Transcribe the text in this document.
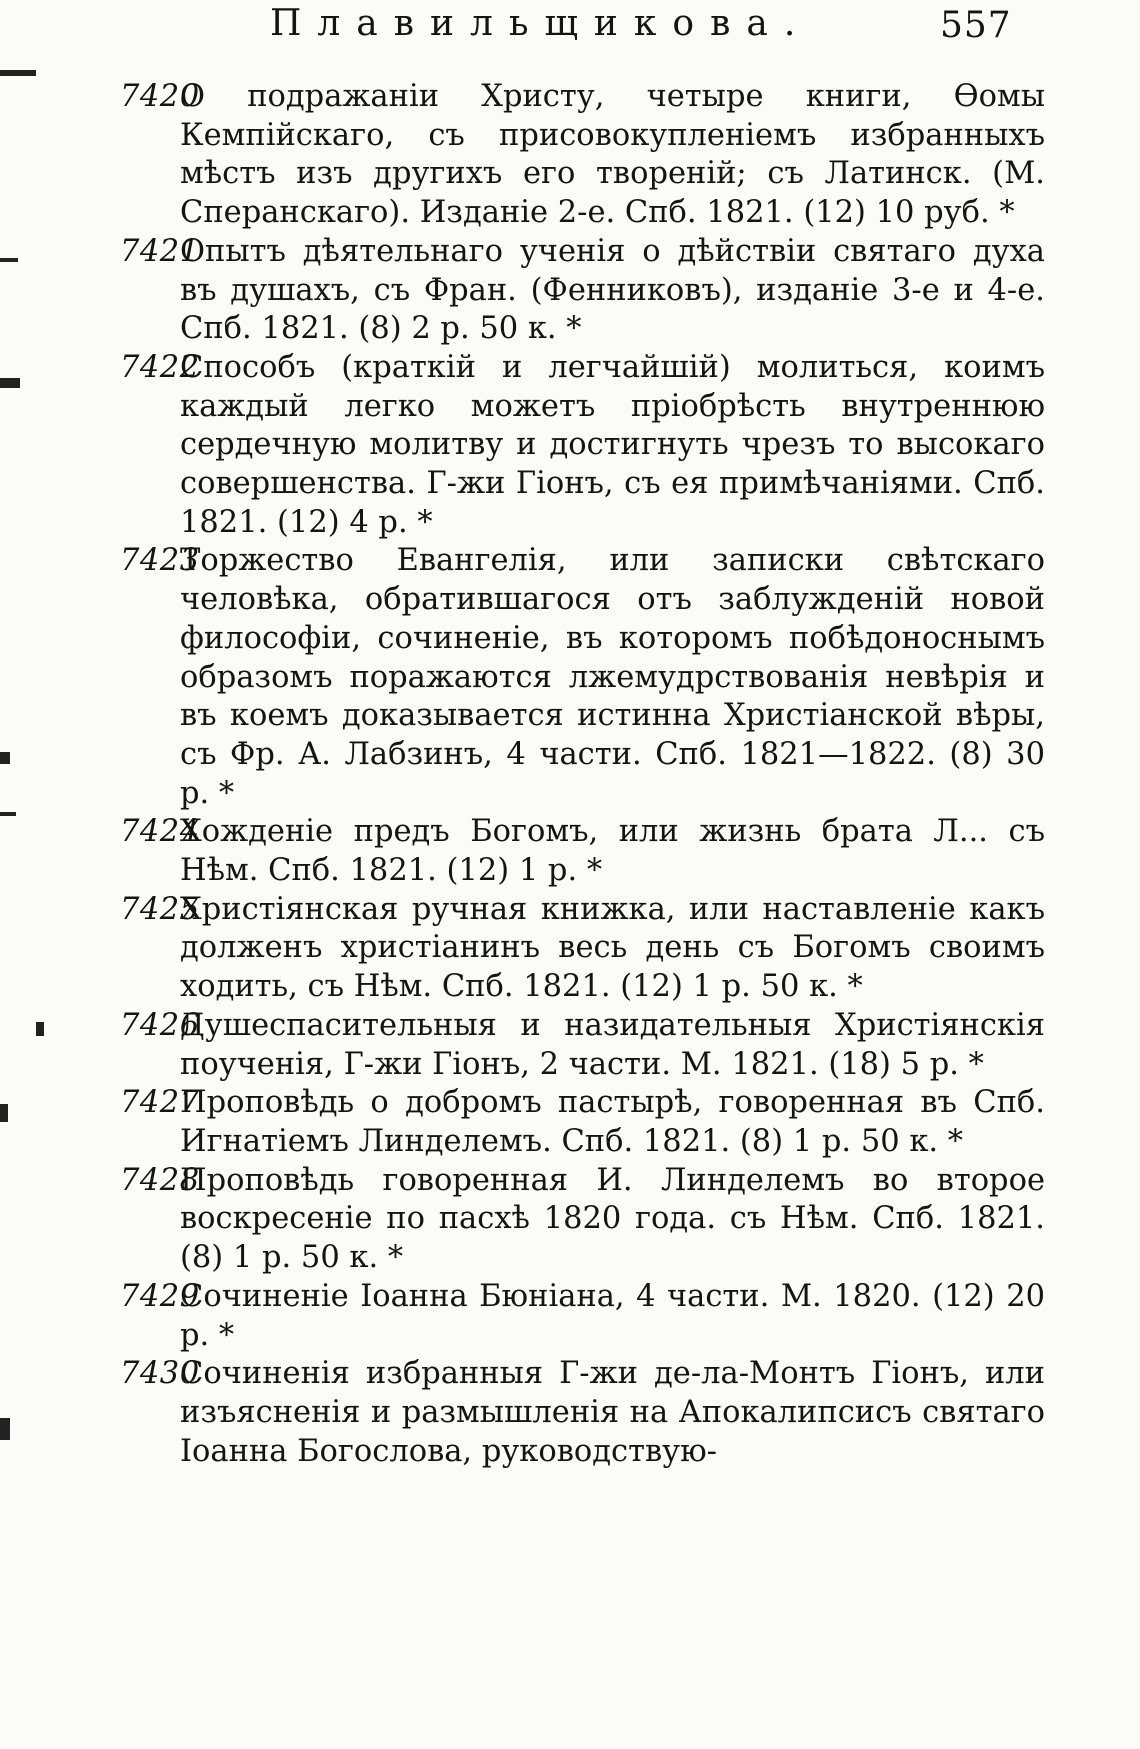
Плавильщикова.	557
7420
О подражаніи Христу, четыре книги, Ѳомы Кемпійскаго, съ присовокупленіемъ избранныхъ мѣстъ изъ другихъ его твореній; съ Латинск. (М. Сперанскаго). Изданіе 2-е. Спб. 1821. (12) 10 руб. *
7421
Опытъ дѣятельнаго ученія о дѣйствіи святаго духа въ душахъ, съ Фран. (Фенниковъ), изданіе 3-е и 4-е. Спб. 1821. (8) 2 р. 50 к. *
7422
Способъ (краткій и легчайшій) молиться, коимъ каждый легко можетъ пріобрѣсть внутреннюю сердечную молитву и достигнуть чрезъ то высокаго совершенства. Г-жи Гіонъ, съ ея примѣчаніями. Спб. 1821. (12) 4 р. *
7423
Торжество Евангелія, или записки свѣтскаго человѣка, обратившагося отъ заблужденій новой философіи, сочиненіе, въ которомъ побѣдоноснымъ образомъ поражаются лжемудрствованія невѣрія и въ коемъ доказывается истинна Христіанской вѣры, съ Фр. А. Лабзинъ, 4 части. Спб. 1821—1822. (8) 30 р. *
7424
Хожденіе предъ Богомъ, или жизнь брата Л... съ Нѣм. Спб. 1821. (12) 1 р. *
7425
Христіянская ручная книжка, или наставленіе какъ долженъ христіанинъ весь день съ Богомъ своимъ ходить, съ Нѣм. Спб. 1821. (12) 1 р. 50 к. *
7426
Душеспасительныя и назидательныя Христіянскія поученія, Г-жи Гіонъ, 2 части. М. 1821. (18) 5 р. *
7427
Проповѣдь о добромъ пастырѣ, говоренная въ Спб. Игнатіемъ Линделемъ. Спб. 1821. (8) 1 р. 50 к. *
7428
Проповѣдь говоренная И. Линделемъ во второе воскресеніе по пасхѣ 1820 года. съ Нѣм. Спб. 1821. (8) 1 р. 50 к. *
7429
Сочиненіе Іоанна Бюніана, 4 части. М. 1820. (12) 20 р. *
7430
Сочиненія избранныя Г-жи де-ла-Монтъ Гіонъ, или изъясненія и размышленія на Апокалипсисъ святаго Іоанна Богослова, руководствую-
